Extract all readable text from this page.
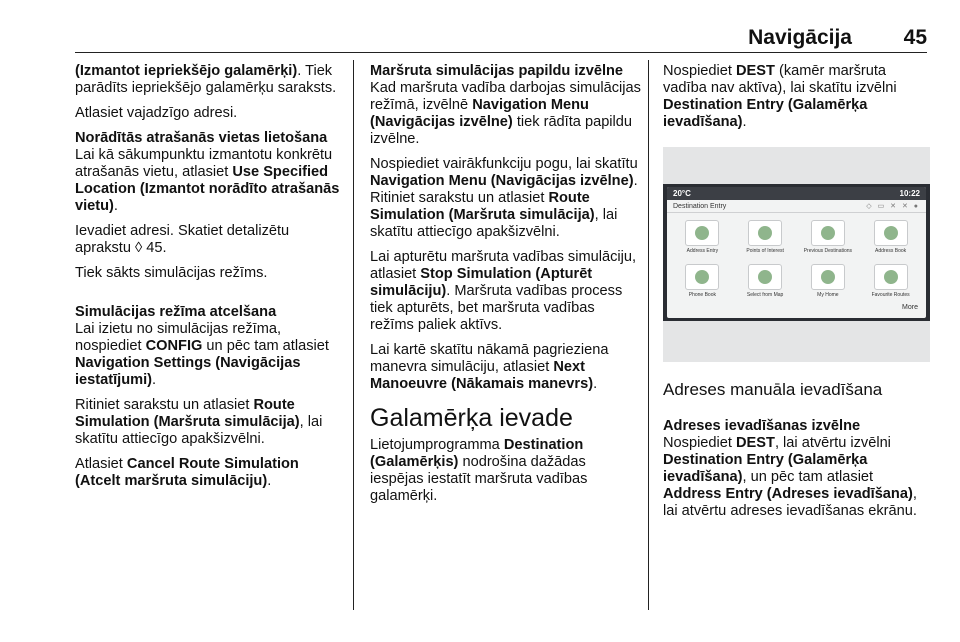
Navigācija 45

(Izmantot iepriekšējo galamērķi). Tiek parādīts iepriekšējo galamērķu saraksts.

Atlasiet vajadzīgo adresi.

Norādītās atrašanās vietas lietošana

Lai kā sākumpunktu izmantotu konkrētu atrašanās vietu, atlasiet Use Specified Location (Izmantot norādīto atrašanās vietu).

Ievadiet adresi. Skatiet detalizētu aprakstu ◊ 45.

Tiek sākts simulācijas režīms.

Simulācijas režīma atcelšana

Lai izietu no simulācijas režīma, nospiediet CONFIG un pēc tam atlasiet Navigation Settings (Navigācijas iestatījumi).

Ritiniet sarakstu un atlasiet Route Simulation (Maršruta simulācija), lai skatītu attiecīgo apakšizvēlni.

Atlasiet Cancel Route Simulation (Atcelt maršruta simulāciju).

Maršruta simulācijas papildu izvēlne

Kad maršruta vadība darbojas simulācijas režīmā, izvēlnē Navigation Menu (Navigācijas izvēlne) tiek rādīta papildu izvēlne.

Nospiediet vairākfunkciju pogu, lai skatītu Navigation Menu (Navigācijas izvēlne). Ritiniet sarakstu un atlasiet Route Simulation (Maršruta simulācija), lai skatītu attiecīgo apakšizvēlni.

Lai apturētu maršruta vadības simulāciju, atlasiet Stop Simulation (Apturēt simulāciju). Maršruta vadības process tiek apturēts, bet maršruta vadības režīms paliek aktīvs.

Lai kartē skatītu nākamā pagrieziena manevra simulāciju, atlasiet Next Manoeuvre (Nākamais manevrs).

Galamērķa ievade

Lietojumprogramma Destination (Galamērķis) nodrošina dažādas iespējas iestatīt maršruta vadības galamērķi.

Nospiediet DEST (kamēr maršruta vadība nav aktīva), lai skatītu izvēlni Destination Entry (Galamērķa ievadīšana).

20°C	10:22
Destination Entry	◇ ▭ ✕ ✕ ●
Address Entry	Points of Interest	Previous Destinations	Address Book
Phone Book	Select from Map	My Home	Favourite Routes
More
Adreses manuāla ievadīšana

Adreses ievadīšanas izvēlne

Nospiediet DEST, lai atvērtu izvēlni Destination Entry (Galamērķa ievadīšana), un pēc tam atlasiet Address Entry (Adreses ievadīšana), lai atvērtu adreses ievadīšanas ekrānu.
